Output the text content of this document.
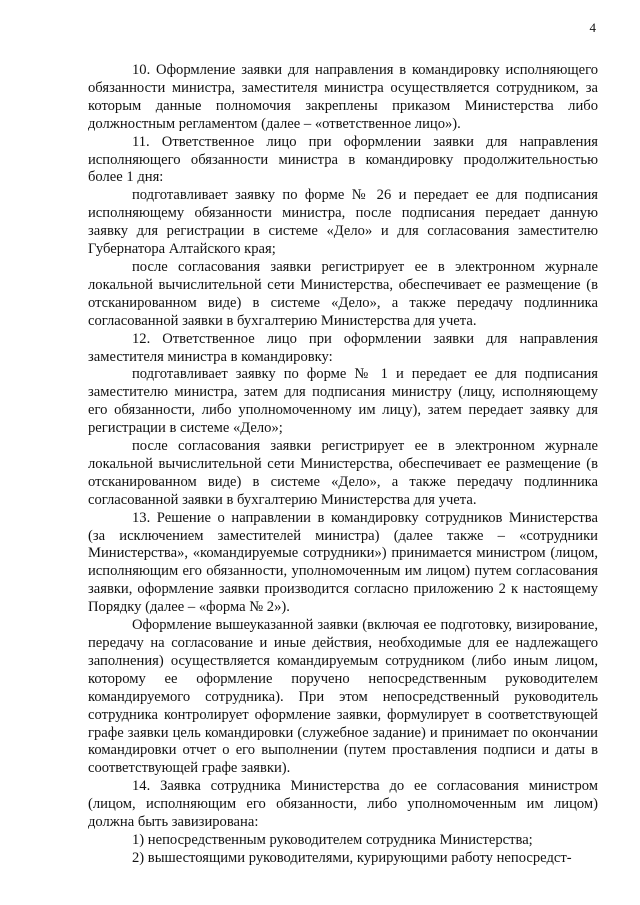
4

10. Оформление заявки для направления в командировку исполняющего обязанности министра, заместителя министра осуществляется сотрудником, за которым данные полномочия закреплены приказом Министерства либо должностным регламентом (далее – «ответственное лицо»).

11. Ответственное лицо при оформлении заявки для направления исполняющего обязанности министра в командировку продолжительностью более 1 дня:

подготавливает заявку по форме № 26 и передает ее для подписания исполняющему обязанности министра, после подписания передает данную заявку для регистрации в системе «Дело» и для согласования заместителю Губернатора Алтайского края;

после согласования заявки регистрирует ее в электронном журнале локальной вычислительной сети Министерства, обеспечивает ее размещение (в отсканированном виде) в системе «Дело», а также передачу подлинника согласованной заявки в бухгалтерию Министерства для учета.

12. Ответственное лицо при оформлении заявки для направления заместителя министра в командировку:

подготавливает заявку по форме № 1 и передает ее для подписания заместителю министра, затем для подписания министру (лицу, исполняющему его обязанности, либо уполномоченному им лицу), затем передает заявку для регистрации в системе «Дело»;

после согласования заявки регистрирует ее в электронном журнале локальной вычислительной сети Министерства, обеспечивает ее размещение (в отсканированном виде) в системе «Дело», а также передачу подлинника согласованной заявки в бухгалтерию Министерства для учета.

13. Решение о направлении в командировку сотрудников Министерства (за исключением заместителей министра) (далее также – «сотрудники Министерства», «командируемые сотрудники») принимается министром (лицом, исполняющим его обязанности, уполномоченным им лицом) путем согласования заявки, оформление заявки производится согласно приложению 2 к настоящему Порядку (далее – «форма № 2»).

Оформление вышеуказанной заявки (включая ее подготовку, визирование, передачу на согласование и иные действия, необходимые для ее надлежащего заполнения) осуществляется командируемым сотрудником (либо иным лицом, которому ее оформление поручено непосредственным руководителем командируемого сотрудника). При этом непосредственный руководитель сотрудника контролирует оформление заявки, формулирует в соответствующей графе заявки цель командировки (служебное задание) и принимает по окончании командировки отчет о его выполнении (путем проставления подписи и даты в соответствующей графе заявки).

14. Заявка сотрудника Министерства до ее согласования министром (лицом, исполняющим его обязанности, либо уполномоченным им лицом) должна быть завизирована:

1) непосредственным руководителем сотрудника Министерства;

2) вышестоящими руководителями, курирующими работу непосредст-
